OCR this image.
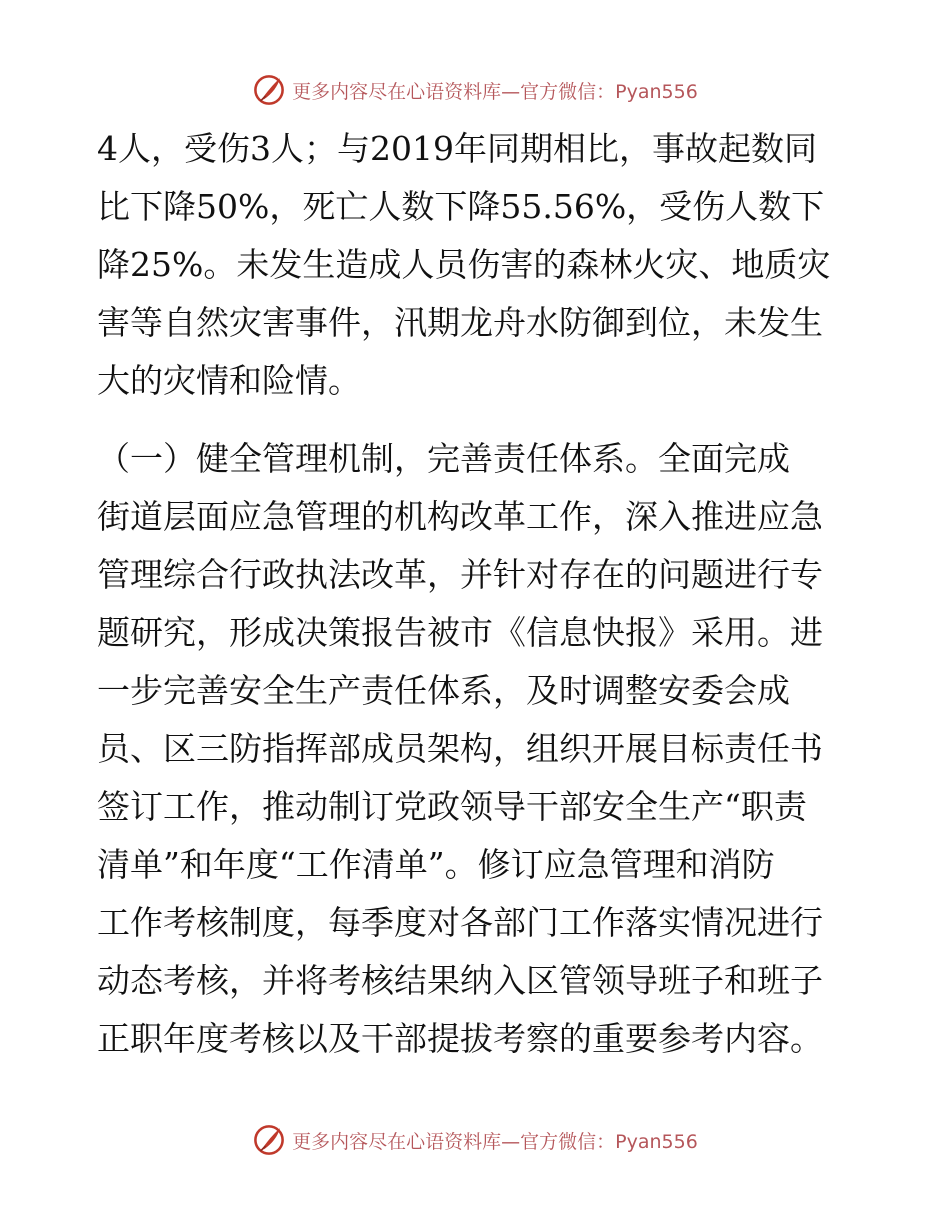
更多内容尽在心语资料库—官方微信：Pyan556
4人，受伤3人；与2019年同期相比，事故起数同
比下降50%，死亡人数下降55.56%，受伤人数下
降25%。未发生造成人员伤害的森林火灾、地质灾
害等自然灾害事件，汛期龙舟水防御到位，未发生
大的灾情和险情。
（一）健全管理机制，完善责任体系。全面完成
街道层面应急管理的机构改革工作，深入推进应急
管理综合行政执法改革，并针对存在的问题进行专
题研究，形成决策报告被市《信息快报》采用。进
一步完善安全生产责任体系，及时调整安委会成
员、区三防指挥部成员架构，组织开展目标责任书
签订工作，推动制订党政领导干部安全生产“职责
清单”和年度“工作清单”。修订应急管理和消防
工作考核制度，每季度对各部门工作落实情况进行
动态考核，并将考核结果纳入区管领导班子和班子
正职年度考核以及干部提拔考察的重要参考内容。
更多内容尽在心语资料库—官方微信：Pyan556
